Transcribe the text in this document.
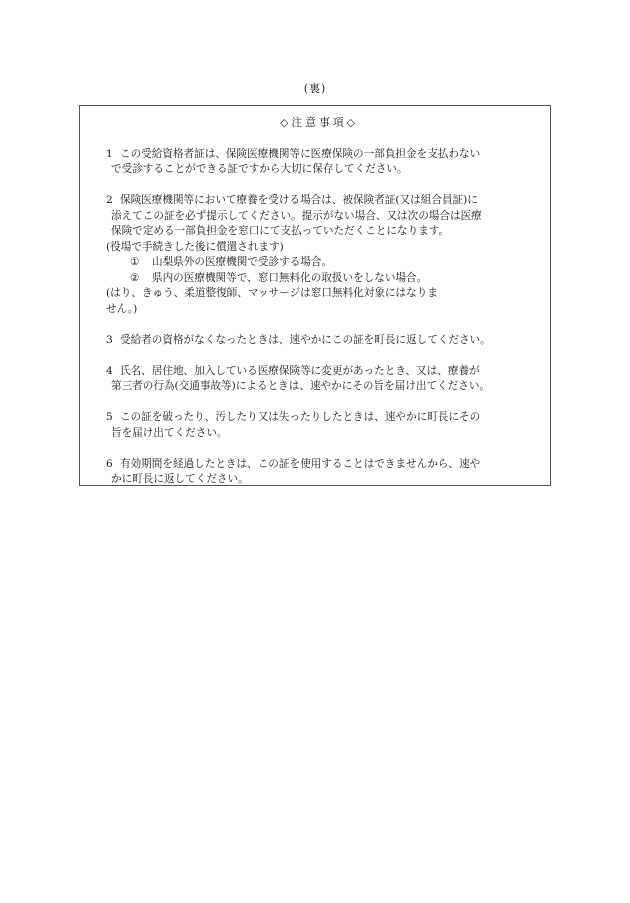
(裏)
◇注意事項◇

1 この受給資格者証は、保険医療機関等に医療保険の一部負担金を支払わない

で受診することができる証ですから大切に保存してください。

2 保険医療機関等において療養を受ける場合は、被保険者証(又は組合員証)に

添えてこの証を必ず提示してください。提示がない場合、又は次の場合は医療

保険で定める一部負担金を窓口にて支払っていただくことになります。

(役場で手続きした後に償還されます)

① 山梨県外の医療機関で受診する場合。
② 県内の医療機関等で、窓口無料化の取扱いをしない場合。

(はり、きゅう、柔道整復師、マッサージは窓口無料化対象にはなりま

せん。)

3 受給者の資格がなくなったときは、速やかにこの証を町長に返してください。

4 氏名、居住地、加入している医療保険等に変更があったとき、又は、療養が

第三者の行為(交通事故等)によるときは、速やかにその旨を届け出てください。

5 この証を破ったり、汚したり又は失ったりしたときは、速やかに町長にその

旨を届け出てください。

6 有効期間を経過したときは、この証を使用することはできませんから、速や

かに町長に返してください。
